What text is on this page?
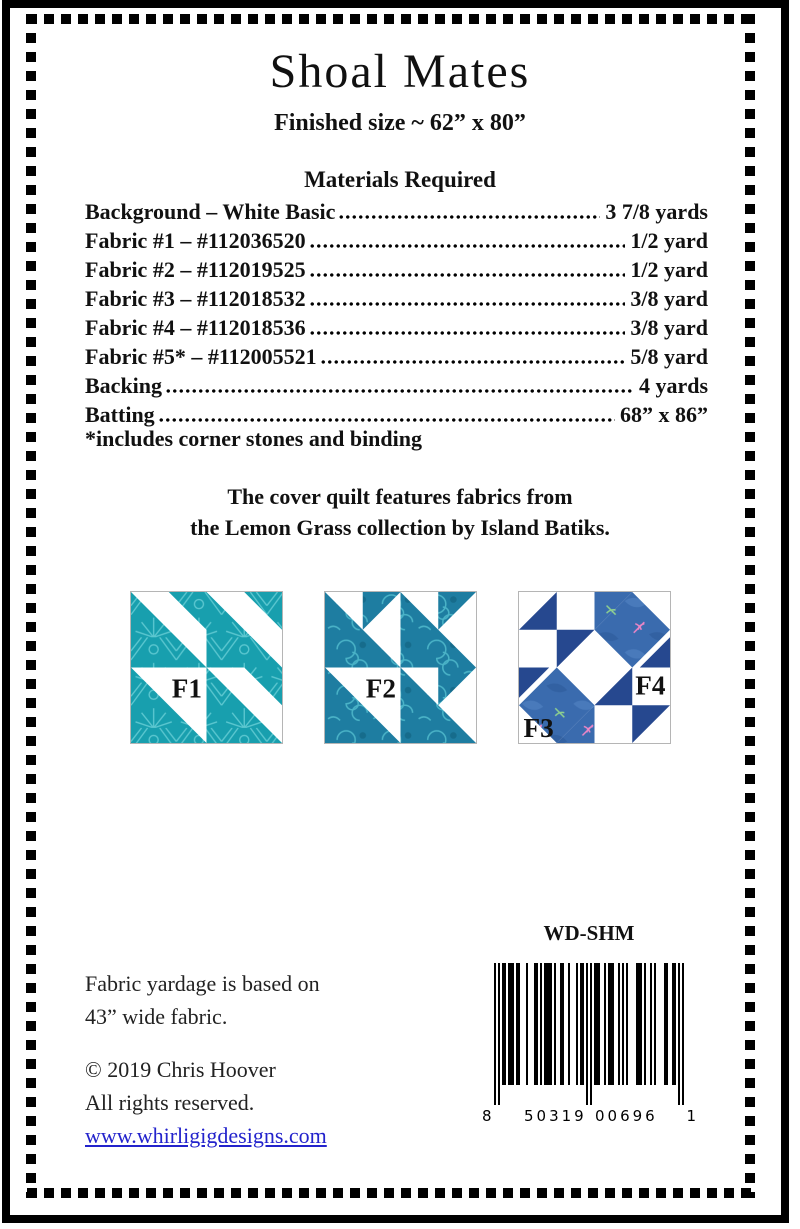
Shoal Mates
Finished size ~ 62” x 80”
Materials Required
Background – White Basic	3 7/8 yards
Fabric #1 – #112036520	1/2 yard
Fabric #2 – #112019525	1/2 yard
Fabric #3 – #112018532	3/8 yard
Fabric #4 – #112018536	3/8 yard
Fabric #5* – #112005521	5/8 yard
Backing	4 yards
Batting	68” x 86”
*includes corner stones and binding
The cover quilt features fabrics from
the Lemon Grass collection by Island Batiks.
F1	F2
F3
F4
WD-SHM
8 50319 00696 1
Fabric yardage is based on
43” wide fabric.
© 2019 Chris Hoover
All rights reserved.
www.whirligigdesigns.com
